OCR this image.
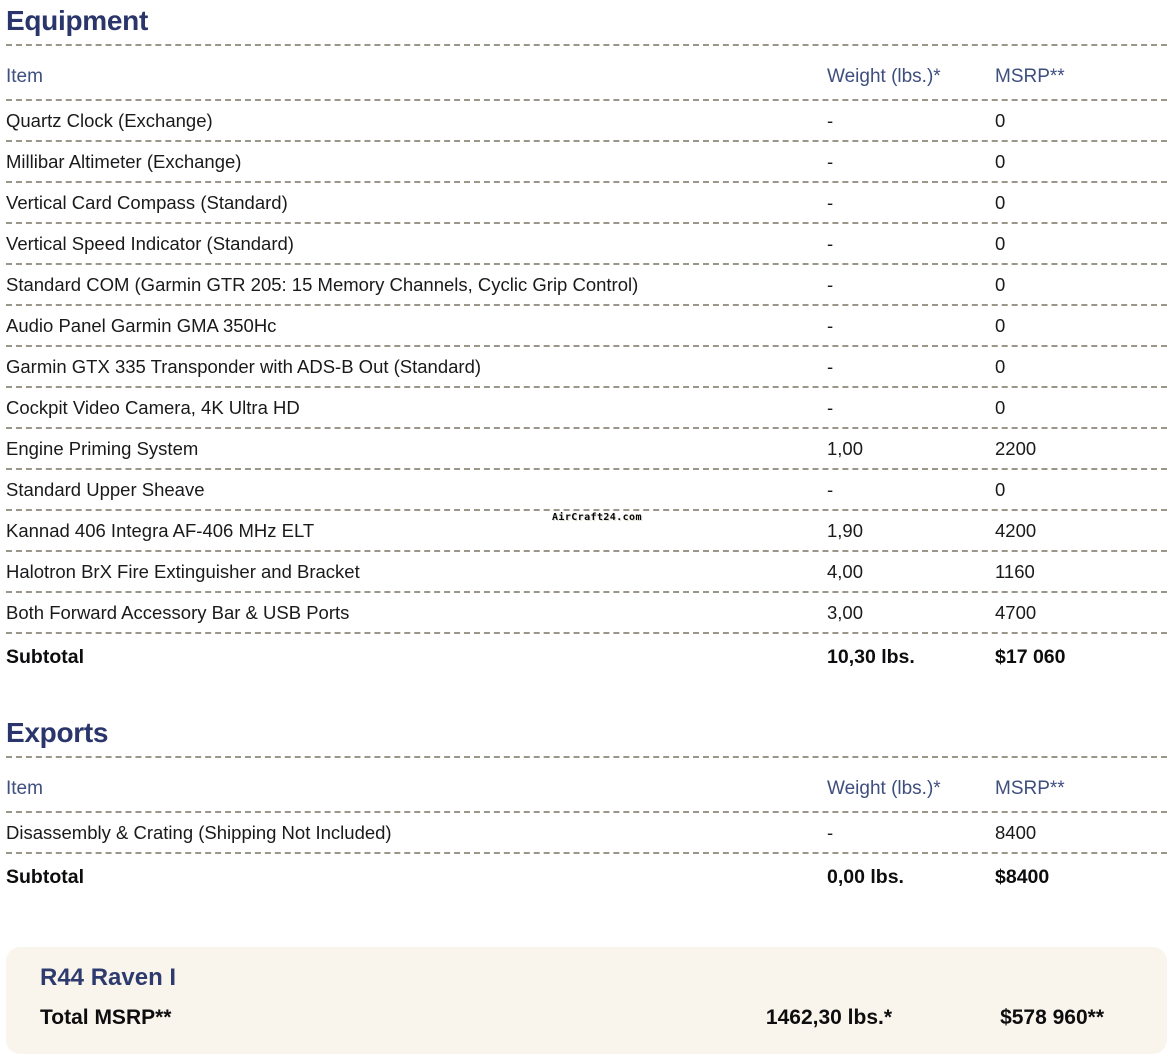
Equipment
Item	Weight (lbs.)*	MSRP**
Quartz Clock (Exchange)	-	0
Millibar Altimeter (Exchange)	-	0
Vertical Card Compass (Standard)	-	0
Vertical Speed Indicator (Standard)	-	0
Standard COM (Garmin GTR 205: 15 Memory Channels, Cyclic Grip Control)	-	0
Audio Panel Garmin GMA 350Hc	-	0
Garmin GTX 335 Transponder with ADS-B Out (Standard)	-	0
Cockpit Video Camera, 4K Ultra HD	-	0
Engine Priming System	1,00	2200
Standard Upper Sheave	-	0
Kannad 406 Integra AF-406 MHz ELT	1,90	4200
Halotron BrX Fire Extinguisher and Bracket	4,00	1160
Both Forward Accessory Bar & USB Ports	3,00	4700
Subtotal	10,30 lbs.	$17 060
Exports
Item	Weight (lbs.)*	MSRP**
Disassembly & Crating (Shipping Not Included)	-	8400
Subtotal	0,00 lbs.	$8400
R44 Raven I
Total MSRP**	1462,30 lbs.*	$578 960**
AirCraft24.com
